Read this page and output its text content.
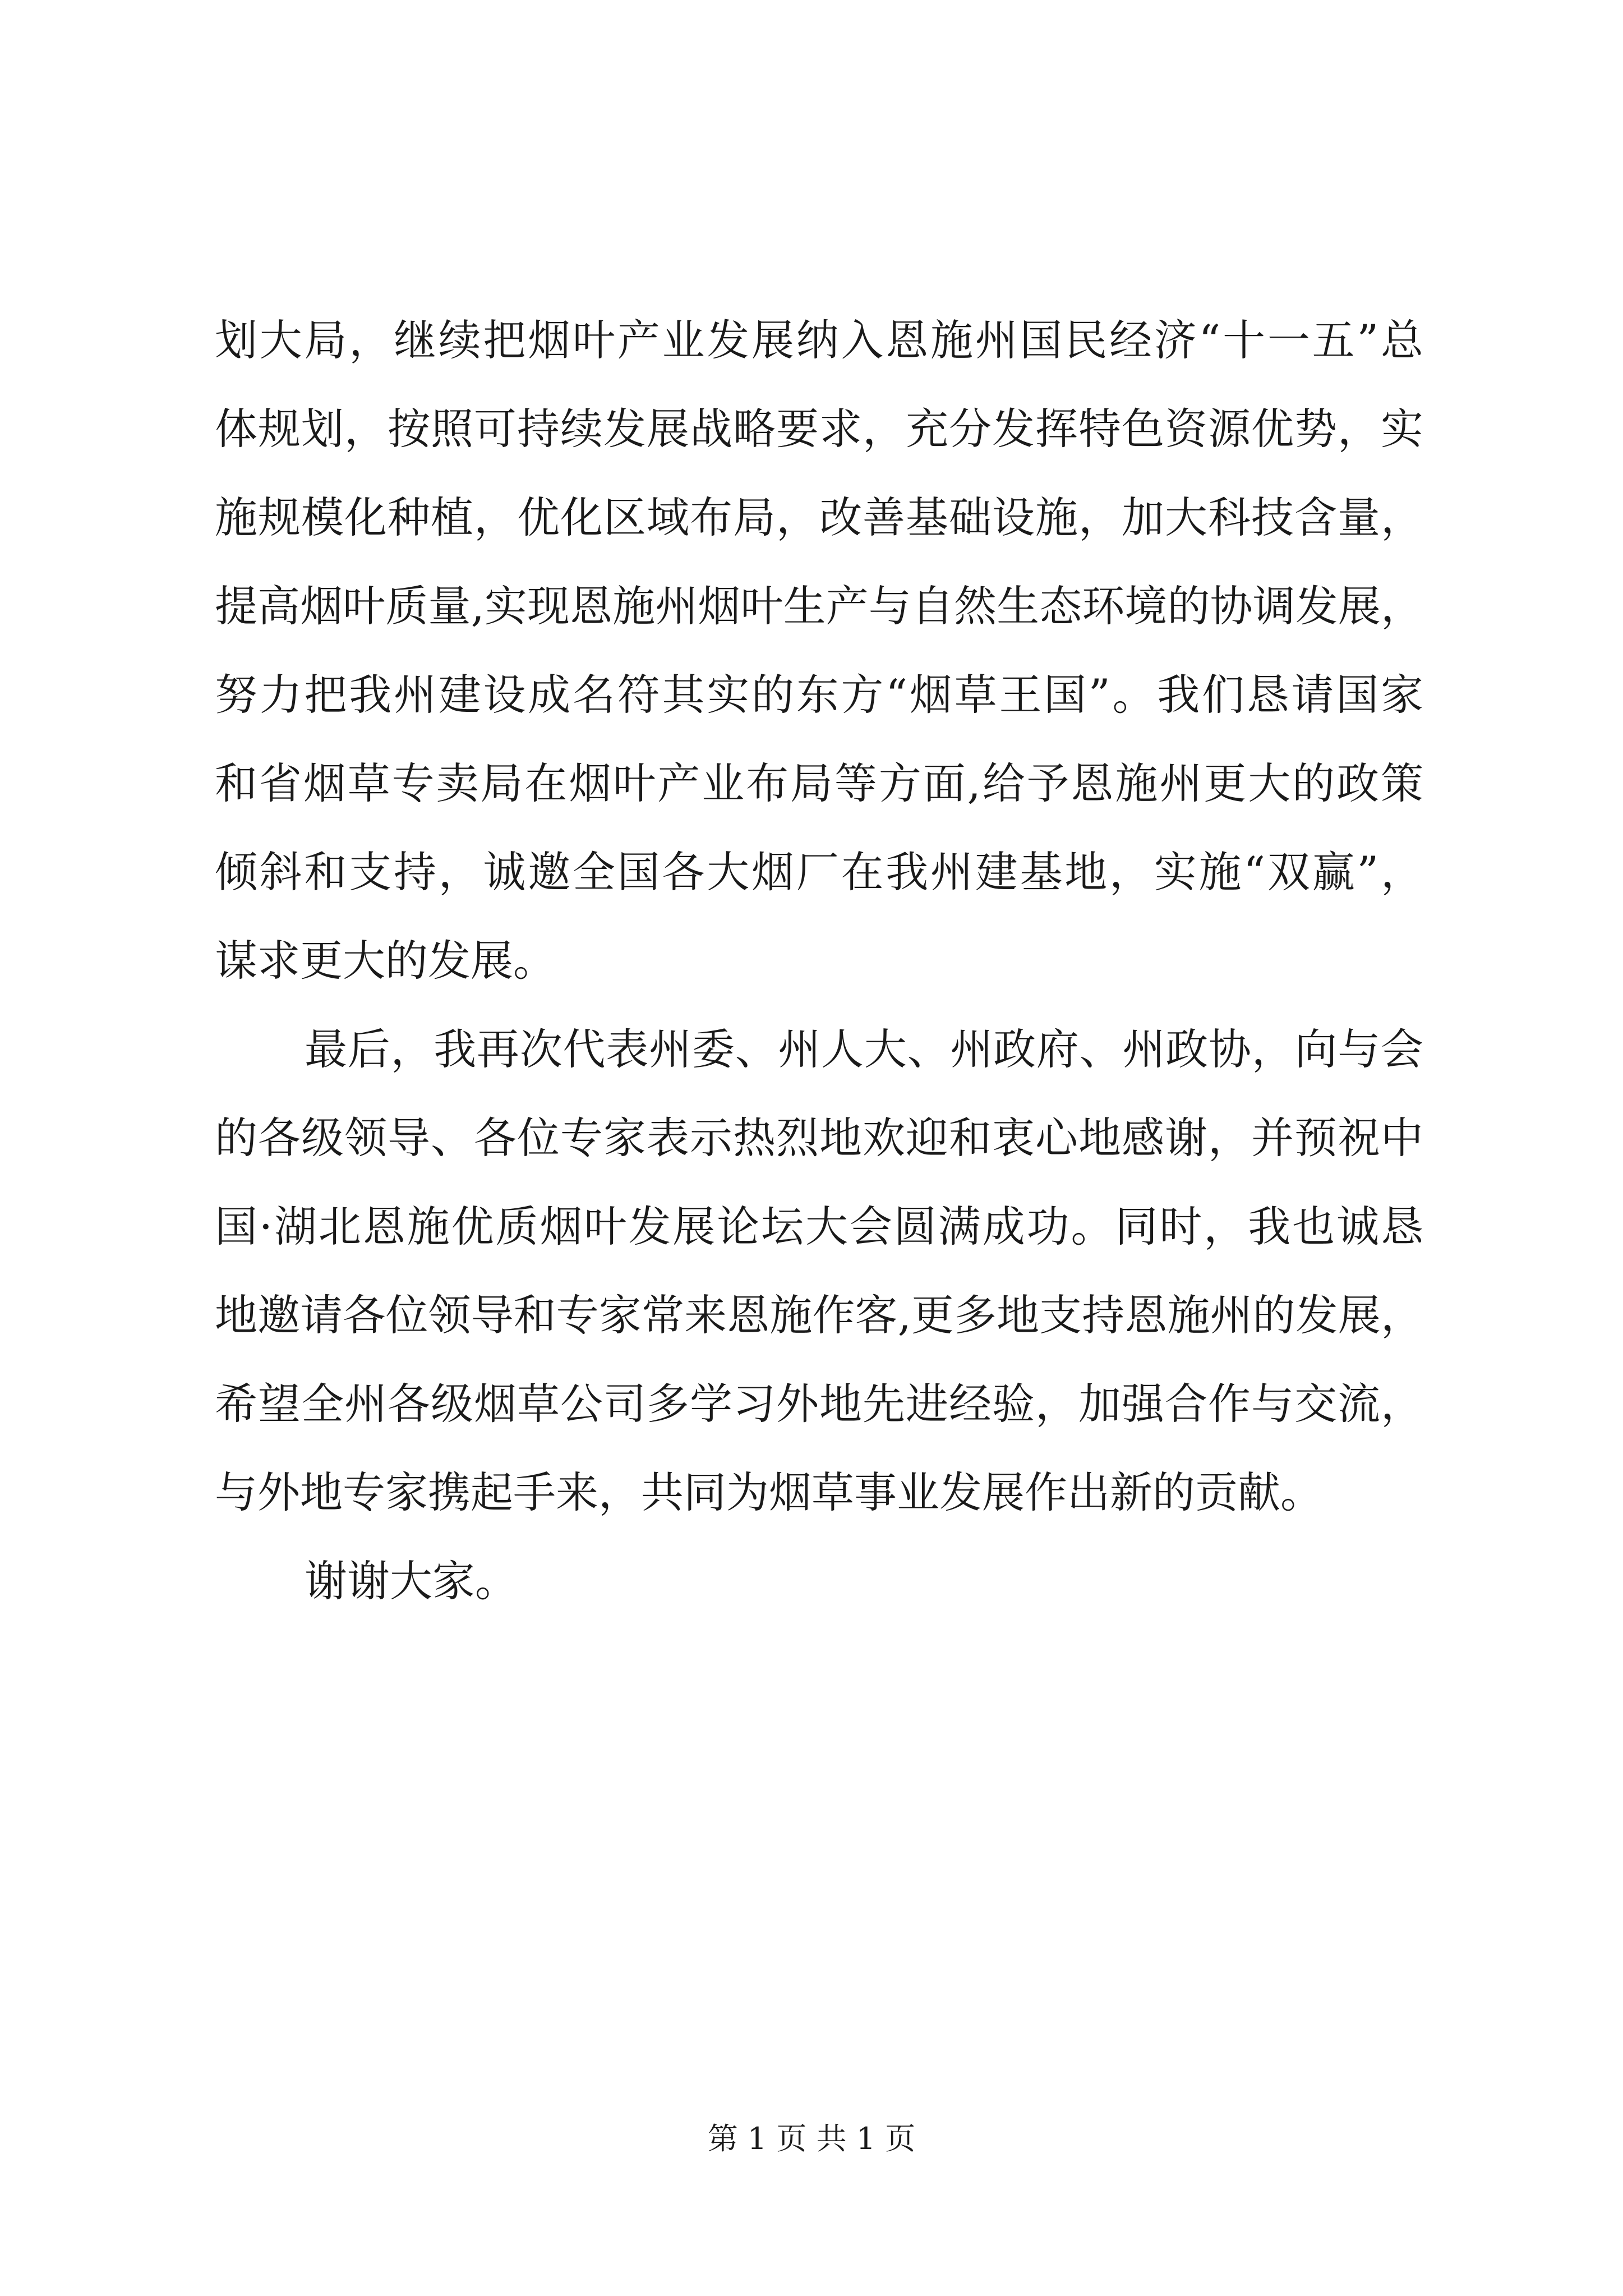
划大局，继续把烟叶产业发展纳入恩施州国民经济“十一五”总
体规划，按照可持续发展战略要求，充分发挥特色资源优势，实
施规模化种植，优化区域布局，改善基础设施，加大科技含量，
提高烟叶质量,实现恩施州烟叶生产与自然生态环境的协调发展，
努力把我州建设成名符其实的东方“烟草王国”。我们恳请国家
和省烟草专卖局在烟叶产业布局等方面,给予恩施州更大的政策
倾斜和支持，诚邀全国各大烟厂在我州建基地，实施“双赢”，
谋求更大的发展。
最后，我再次代表州委、州人大、州政府、州政协，向与会
的各级领导、各位专家表示热烈地欢迎和衷心地感谢，并预祝中
国·湖北恩施优质烟叶发展论坛大会圆满成功。同时，我也诚恳
地邀请各位领导和专家常来恩施作客,更多地支持恩施州的发展，
希望全州各级烟草公司多学习外地先进经验，加强合作与交流，
与外地专家携起手来，共同为烟草事业发展作出新的贡献。
谢谢大家。
第 1 页 共 1 页
